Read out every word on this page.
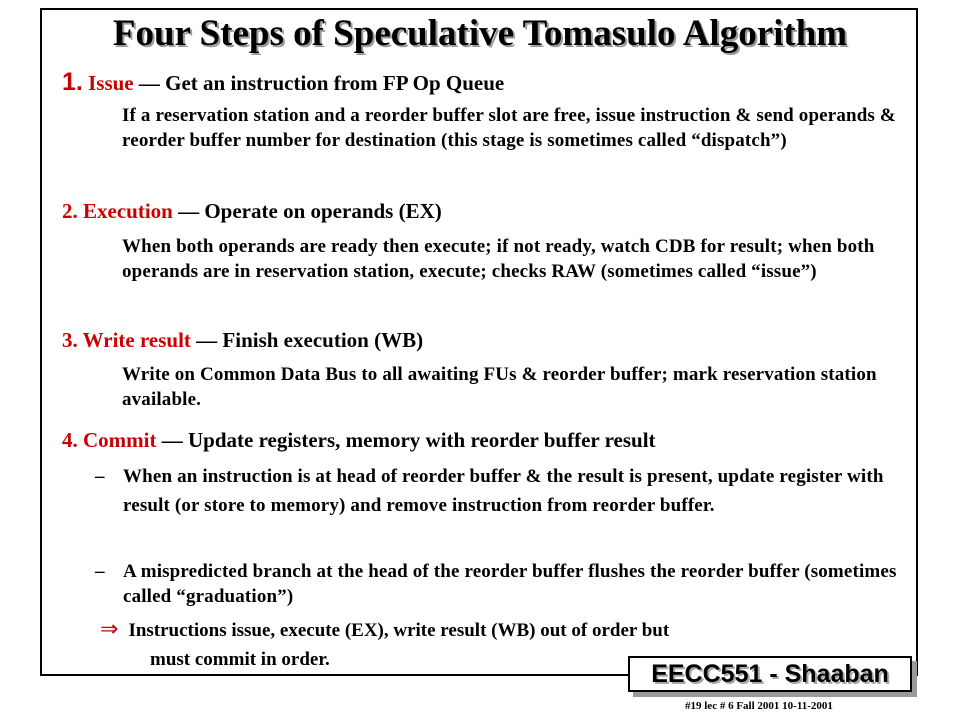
Four Steps of Speculative Tomasulo Algorithm
1. Issue — Get an instruction from FP Op Queue
If a reservation station and a reorder buffer slot are free, issue instruction & send operands & reorder buffer number for destination (this stage is sometimes called “dispatch”)
2. Execution — Operate on operands (EX)
When both operands are ready then execute; if not ready, watch CDB for result; when both operands are in reservation station, execute; checks RAW (sometimes called “issue”)
3. Write result — Finish execution (WB)
Write on Common Data Bus to all awaiting FUs & reorder buffer; mark reservation station available.
4. Commit — Update registers, memory with reorder buffer result
– When an instruction is at head of reorder buffer & the result is present, update register with result (or store to memory) and remove instruction from reorder buffer.
– A mispredicted branch at the head of the reorder buffer flushes the reorder buffer (sometimes called “graduation”)
⇒ Instructions issue, execute (EX), write result (WB) out of order but
must commit in order.
EECC551 - Shaaban
#19 lec # 6 Fall 2001 10-11-2001
